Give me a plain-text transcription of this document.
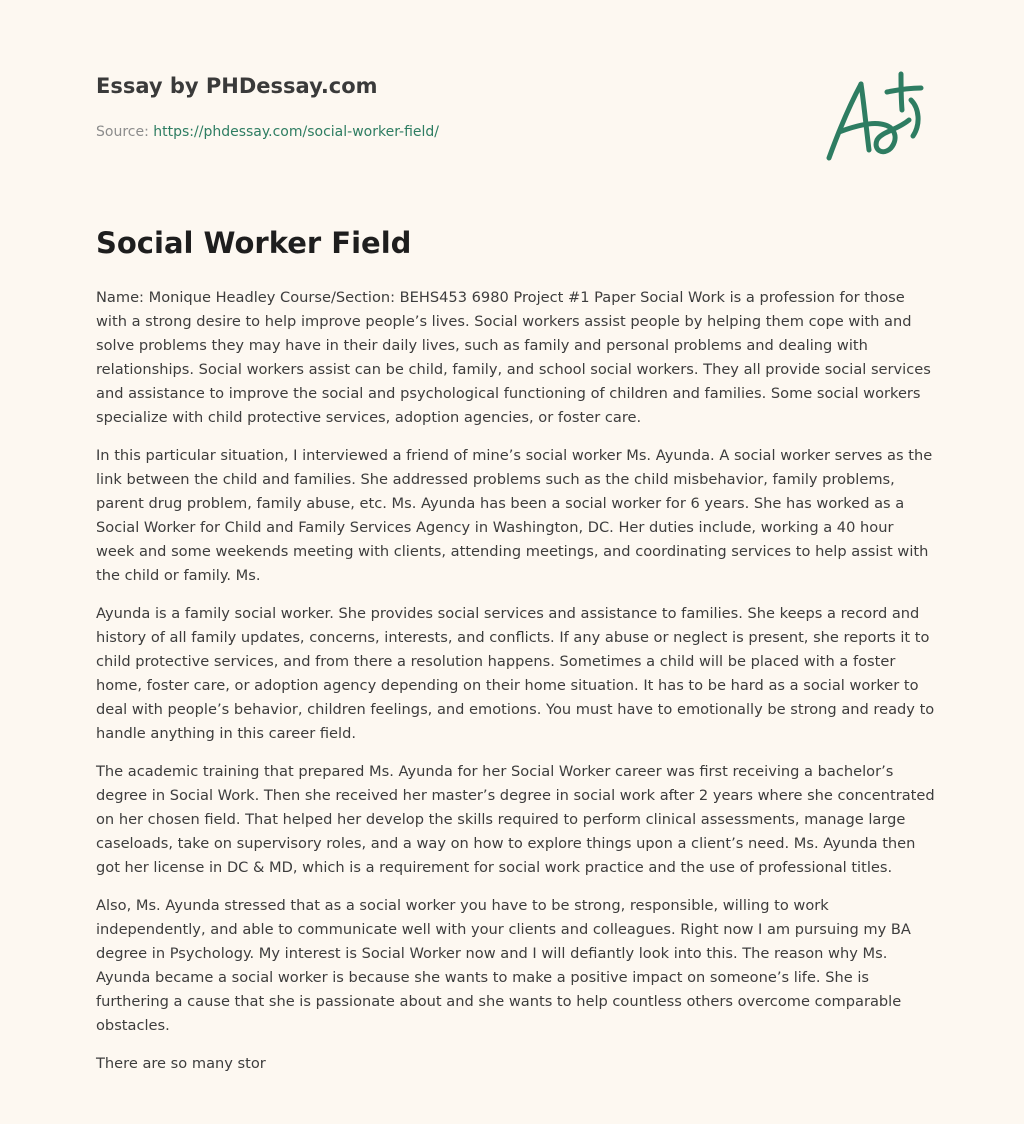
Essay by PHDessay.com
Source: https://phdessay.com/social-worker-field/
Social Worker Field

Name: Monique Headley Course/Section: BEHS453 6980 Project #1 Paper Social Work is a profession for those with a strong desire to help improve people’s lives. Social workers assist people by helping them cope with and solve problems they may have in their daily lives, such as family and personal problems and dealing with relationships. Social workers assist can be child, family, and school social workers. They all provide social services and assistance to improve the social and psychological functioning of children and families. Some social workers specialize with child protective services, adoption agencies, or foster care.

In this particular situation, I interviewed a friend of mine’s social worker Ms. Ayunda. A social worker serves as the link between the child and families. She addressed problems such as the child misbehavior, family problems, parent drug problem, family abuse, etc. Ms. Ayunda has been a social worker for 6 years. She has worked as a Social Worker for Child and Family Services Agency in Washington, DC. Her duties include, working a 40 hour week and some weekends meeting with clients, attending meetings, and coordinating services to help assist with the child or family. Ms.

Ayunda is a family social worker. She provides social services and assistance to families. She keeps a record and history of all family updates, concerns, interests, and conflicts. If any abuse or neglect is present, she reports it to child protective services, and from there a resolution happens. Sometimes a child will be placed with a foster home, foster care, or adoption agency depending on their home situation. It has to be hard as a social worker to deal with people’s behavior, children feelings, and emotions. You must have to emotionally be strong and ready to handle anything in this career field.

The academic training that prepared Ms. Ayunda for her Social Worker career was first receiving a bachelor’s degree in Social Work. Then she received her master’s degree in social work after 2 years where she concentrated on her chosen field. That helped her develop the skills required to perform clinical assessments, manage large caseloads, take on supervisory roles, and a way on how to explore things upon a client’s need. Ms. Ayunda then got her license in DC & MD, which is a requirement for social work practice and the use of professional titles.

Also, Ms. Ayunda stressed that as a social worker you have to be strong, responsible, willing to work independently, and able to communicate well with your clients and colleagues. Right now I am pursuing my BA degree in Psychology. My interest is Social Worker now and I will defiantly look into this. The reason why Ms. Ayunda became a social worker is because she wants to make a positive impact on someone’s life. She is furthering a cause that she is passionate about and she wants to help countless others overcome comparable obstacles.

There are so many stor
